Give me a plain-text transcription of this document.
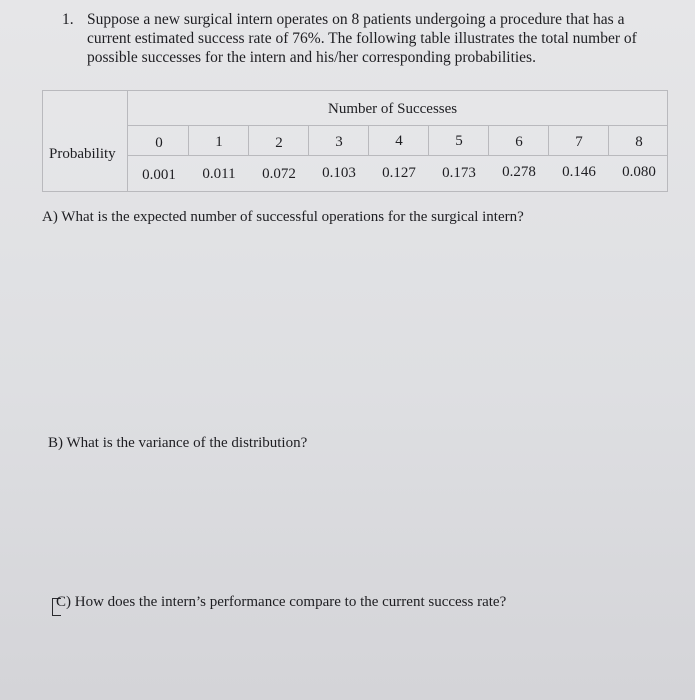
1. Suppose a new surgical intern operates on 8 patients undergoing a procedure that has a
current estimated success rate of 76%. The following table illustrates the total number of
possible successes for the intern and his/her corresponding probabilities.
Probability
Number of Successes
0	1	2	3	4	5	6	7	8
0.001	0.011	0.072	0.103	0.127	0.173	0.278	0.146	0.080
A) What is the expected number of successful operations for the surgical intern?
B) What is the variance of the distribution?
C) How does the intern’s performance compare to the current success rate?
